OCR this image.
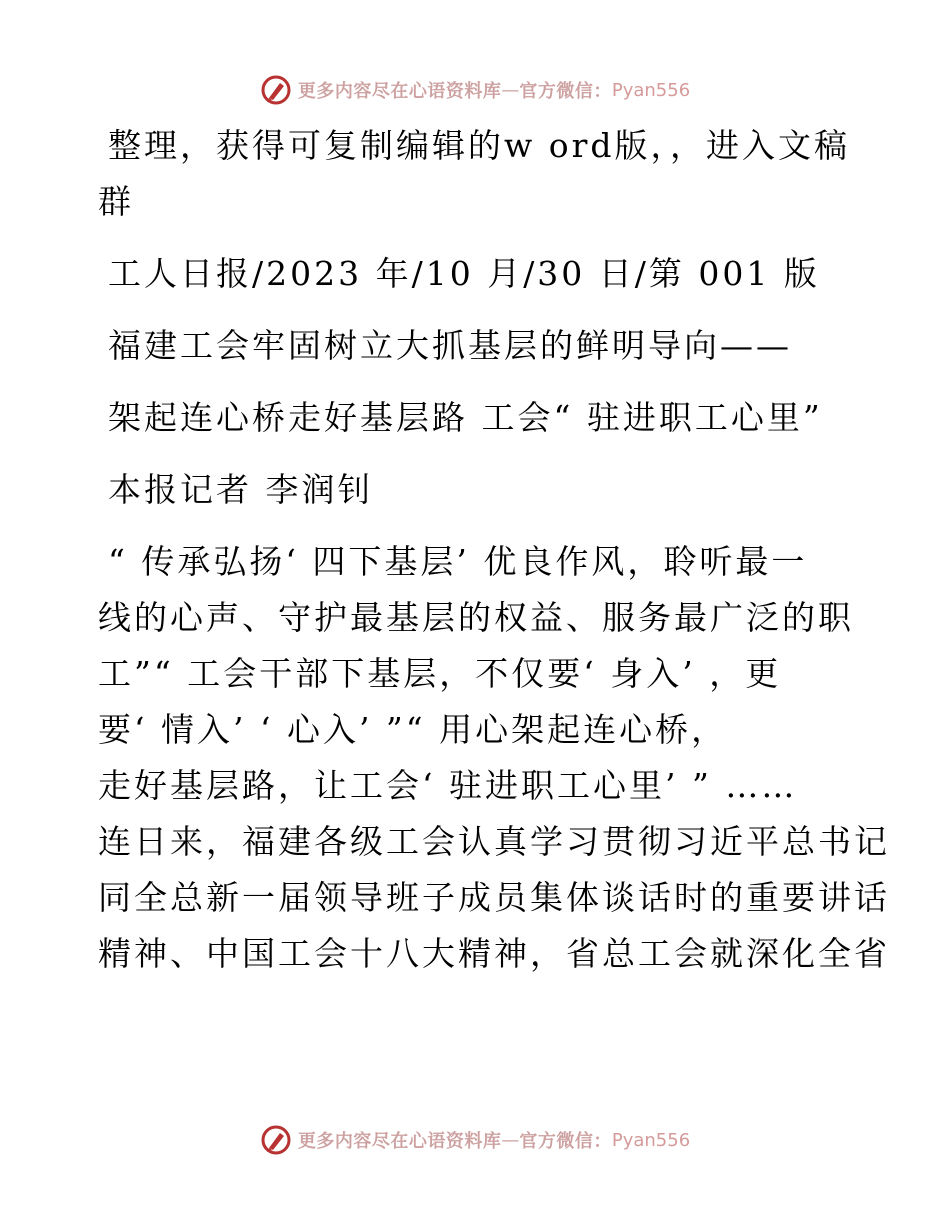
更多内容尽在心语资料库 — 官方微信： Pyan556
整理，获得可复制编辑的w ord版，，进入文稿
群
工人日报/2023 年/10 月/30 日/第 001 版
福建工会牢固树立大抓基层的鲜明导向——
架起连心桥走好基层路 工会“ 驻进职工心里”
本报记者 李润钊
“ 传承弘扬‘ 四下基层’ 优良作风，聆听最一
线的心声、守护最基层的权益、服务最广泛的职
工”“ 工会干部下基层，不仅要‘ 身入’ ，更
要‘ 情入’ ‘ 心入’ ”“ 用心架起连心桥，
走好基层路，让工会‘ 驻进职工心里’ ” ……
连日来，福建各级工会认真学习贯彻习近平总书记
同全总新一届领导班子成员集体谈话时的重要讲话
精神、中国工会十八大精神，省总工会就深化全省
更多内容尽在心语资料库 — 官方微信： Pyan556
